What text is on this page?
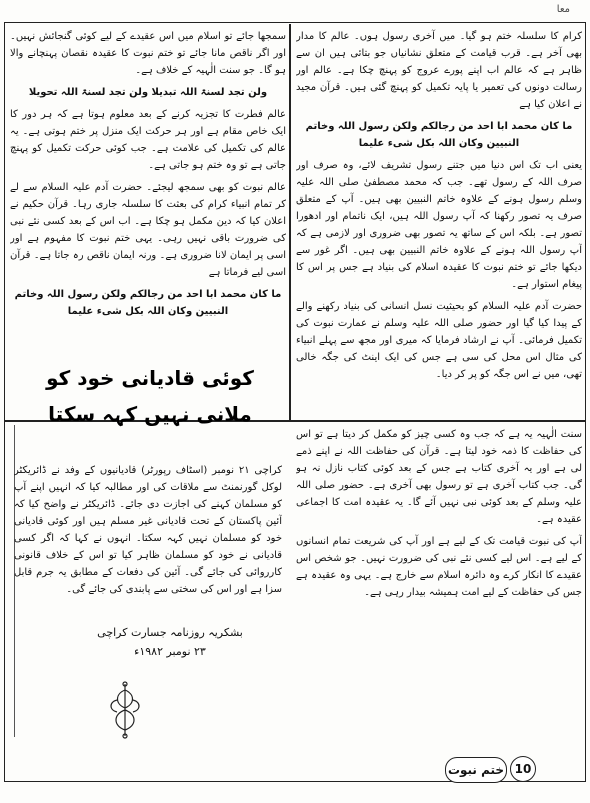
معا

کرام کا سلسلہ ختم ہو گیا۔ میں آخری رسول ہوں۔ عالم کا مدار بھی آخر ہے۔ قرب قیامت کے متعلق نشانیاں جو بتائی ہیں ان سے ظاہر ہے کہ عالم اب اپنے پورے عروج کو پہنچ چکا ہے۔ عالم اور رسالت دونوں کی تعمیر یا پایہ تکمیل کو پہنچ گئی ہیں۔ قرآن مجید نے اعلان کیا ہے

ما کان محمد ابا احد من رجالکم ولکن رسول اللہ وخاتم النبیین وکان اللہ بکل شیء علیما

یعنی اب تک اس دنیا میں جتنے رسول تشریف لائے، وہ صرف اور صرف اللہ کے رسول تھے۔ جب کہ محمد مصطفیٰ صلی اللہ علیہ وسلم رسول ہونے کے علاوہ خاتم النبیین بھی ہیں۔ آپ کے متعلق صرف یہ تصور رکھنا کہ آپ رسول اللہ ہیں، ایک ناتمام اور ادھورا تصور ہے۔ بلکہ اس کے ساتھ یہ تصور بھی ضروری اور لازمی ہے کہ آپ رسول اللہ ہونے کے علاوہ خاتم النبیین بھی ہیں۔ اگر غور سے دیکھا جائے تو ختم نبوت کا عقیدہ اسلام کی بنیاد ہے جس پر اس کا پیغام استوار ہے۔

حضرت آدم علیہ السلام کو بحیثیت نسل انسانی کی بنیاد رکھنے والے کے پیدا کیا گیا اور حضور صلی اللہ علیہ وسلم نے عمارت نبوت کی تکمیل فرمائی۔ آپ نے ارشاد فرمایا کہ میری اور مجھ سے پہلے انبیاء کی مثال اس محل کی سی ہے جس کی ایک اینٹ کی جگہ خالی تھی، میں نے اس جگہ کو پر کر دیا۔

سمجھا جائے تو اسلام میں اس عقیدے کے لیے کوئی گنجائش نہیں۔ اور اگر ناقص مانا جائے تو ختم نبوت کا عقیدہ نقصان پہنچانے والا ہو گا۔ جو سنت الٰہیہ کے خلاف ہے۔

ولن تجد لسنۃ اللہ تبدیلا ولن تجد لسنۃ اللہ تحویلا

عالم فطرت کا تجزیہ کرنے کے بعد معلوم ہوتا ہے کہ ہر دور کا ایک خاص مقام ہے اور ہر حرکت ایک منزل پر ختم ہوتی ہے۔ یہ عالم کی تکمیل کی علامت ہے۔ جب کوئی حرکت تکمیل کو پہنچ جاتی ہے تو وہ ختم ہو جاتی ہے۔

عالم نبوت کو بھی سمجھ لیجئے۔ حضرت آدم علیہ السلام سے لے کر تمام انبیاء کرام کی بعثت کا سلسلہ جاری رہا۔ قرآن حکیم نے اعلان کیا کہ دین مکمل ہو چکا ہے۔ اب اس کے بعد کسی نئے نبی کی ضرورت باقی نہیں رہی۔ یہی ختم نبوت کا مفہوم ہے اور اسی پر ایمان لانا ضروری ہے۔ ورنہ ایمان ناقص رہ جاتا ہے۔ قرآن اسی لیے فرماتا ہے

ما کان محمد ابا احد من رجالکم ولکن رسول اللہ وخاتم النبیین وکان اللہ بکل شیء علیما

کوئی قادیانی خود کو ملانی نہیں کہہ سکتا

کراچی ۲۱ نومبر (اسٹاف رپورٹر) قادیانیوں کے وفد نے ڈائریکٹر لوکل گورنمنٹ سے ملاقات کی اور مطالبہ کیا کہ انہیں اپنے آپ کو مسلمان کہنے کی اجازت دی جائے۔ ڈائریکٹر نے واضح کیا کہ آئین پاکستان کے تحت قادیانی غیر مسلم ہیں اور کوئی قادیانی خود کو مسلمان نہیں کہہ سکتا۔ انہوں نے کہا کہ اگر کسی قادیانی نے خود کو مسلمان ظاہر کیا تو اس کے خلاف قانونی کارروائی کی جائے گی۔ آئین کی دفعات کے مطابق یہ جرم قابل سزا ہے اور اس کی سختی سے پابندی کی جائے گی۔

بشکریہ روزنامہ جسارت کراچی
۲۳ نومبر ۱۹۸۲ء

سنت الٰہیہ یہ ہے کہ جب وہ کسی چیز کو مکمل کر دیتا ہے تو اس کی حفاظت کا ذمہ خود لیتا ہے۔ قرآن کی حفاظت اللہ نے اپنے ذمے لی ہے اور یہ آخری کتاب ہے جس کے بعد کوئی کتاب نازل نہ ہو گی۔ جب کتاب آخری ہے تو رسول بھی آخری ہے۔ حضور صلی اللہ علیہ وسلم کے بعد کوئی نبی نہیں آئے گا۔ یہ عقیدہ امت کا اجماعی عقیدہ ہے۔

آپ کی نبوت قیامت تک کے لیے ہے اور آپ کی شریعت تمام انسانوں کے لیے ہے۔ اس لیے کسی نئے نبی کی ضرورت نہیں۔ جو شخص اس عقیدے کا انکار کرے وہ دائرہ اسلام سے خارج ہے۔ یہی وہ عقیدہ ہے جس کی حفاظت کے لیے امت ہمیشہ بیدار رہی ہے۔

ختم نبوت 10
